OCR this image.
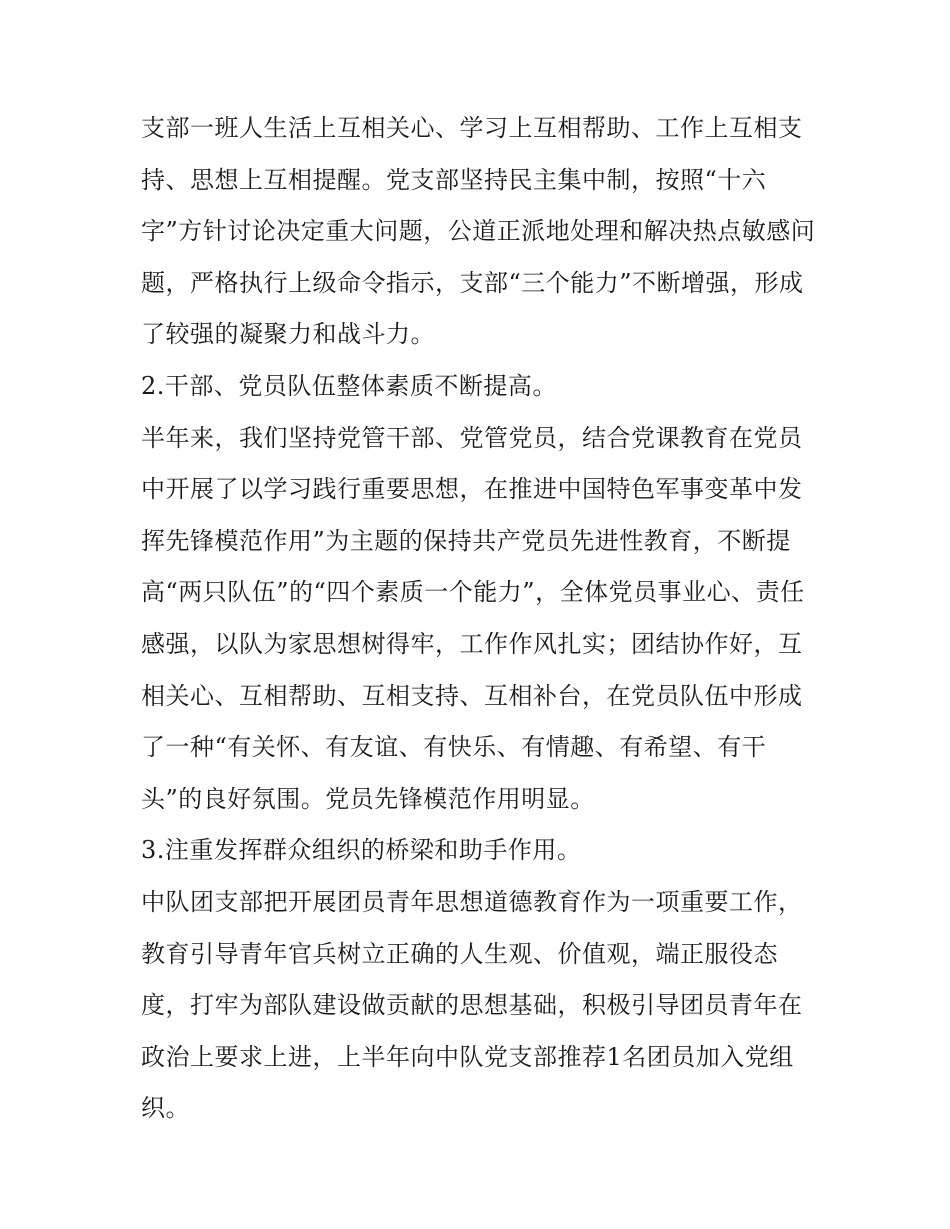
支部一班人生活上互相关心、学习上互相帮助、工作上互相支持、思想上互相提醒。党支部坚持民主集中制，按照“十六字”方针讨论决定重大问题，公道正派地处理和解决热点敏感问题，严格执行上级命令指示，支部“三个能力”不断增强，形成了较强的凝聚力和战斗力。

2.干部、党员队伍整体素质不断提高。

半年来，我们坚持党管干部、党管党员，结合党课教育在党员中开展了以学习践行重要思想，在推进中国特色军事变革中发挥先锋模范作用”为主题的保持共产党员先进性教育，不断提高“两只队伍”的“四个素质一个能力”，全体党员事业心、责任感强，以队为家思想树得牢，工作作风扎实；团结协作好，互相关心、互相帮助、互相支持、互相补台，在党员队伍中形成了一种“有关怀、有友谊、有快乐、有情趣、有希望、有干头”的良好氛围。党员先锋模范作用明显。

3.注重发挥群众组织的桥梁和助手作用。

中队团支部把开展团员青年思想道德教育作为一项重要工作，教育引导青年官兵树立正确的人生观、价值观，端正服役态度，打牢为部队建设做贡献的思想基础，积极引导团员青年在政治上要求上进，上半年向中队党支部推荐1名团员加入党组织。
